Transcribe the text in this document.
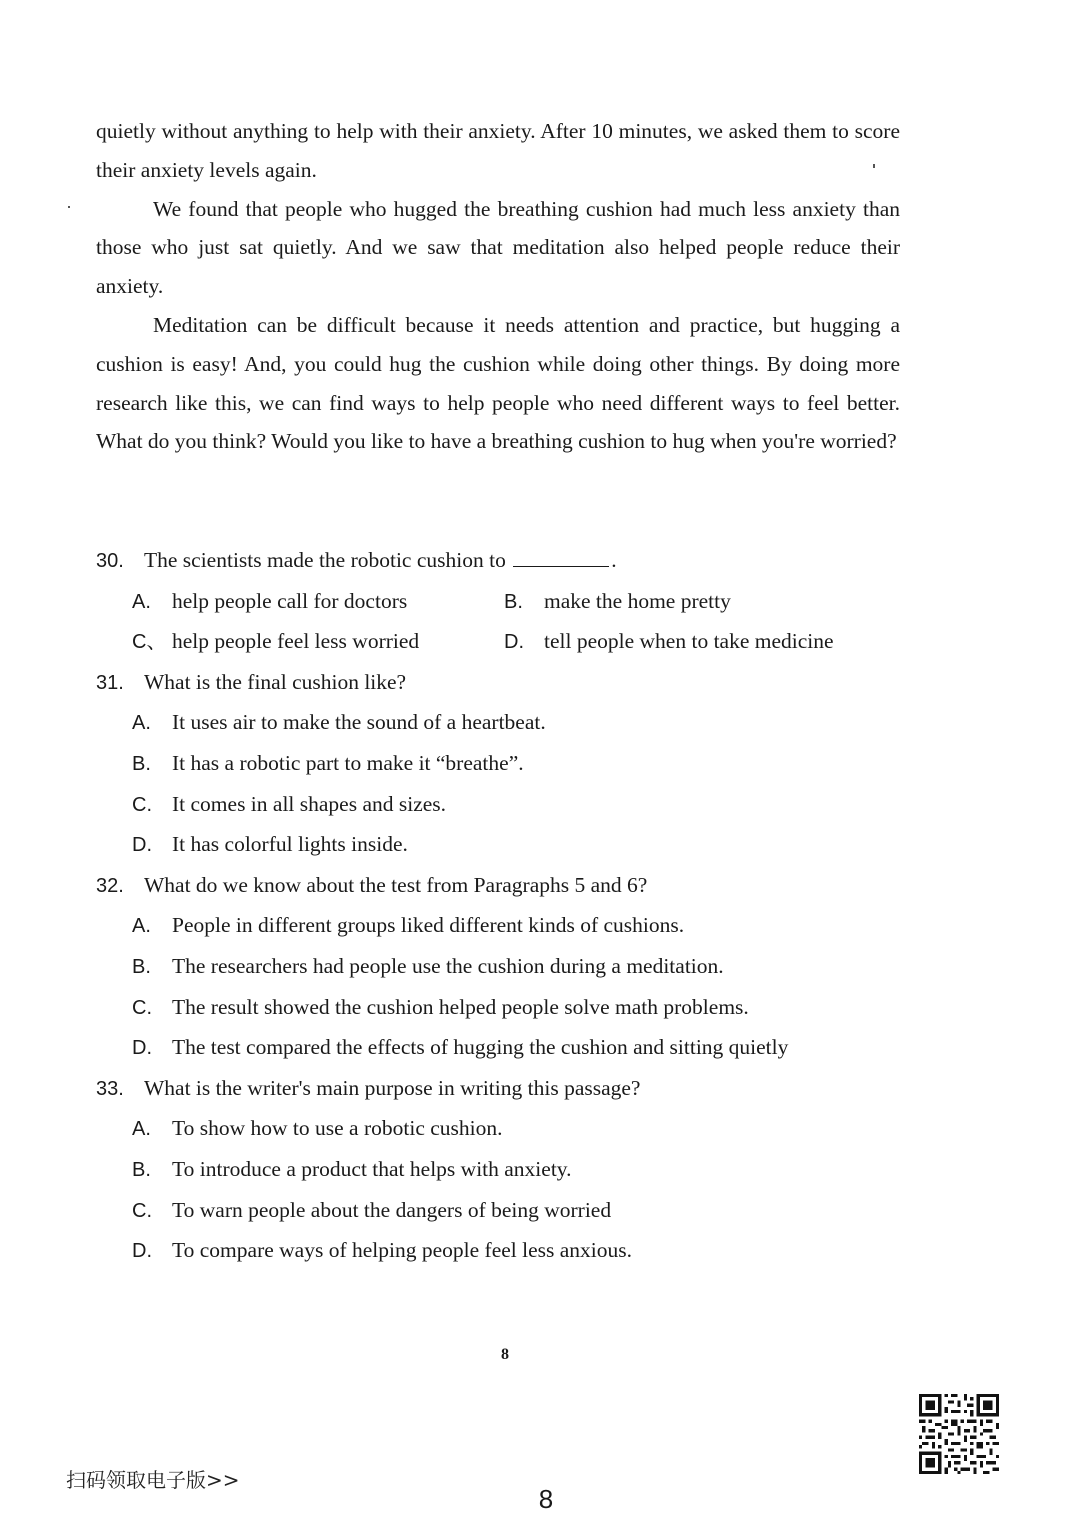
quietly without anything to help with their anxiety. After 10 minutes, we asked them to score their anxiety levels again.

We found that people who hugged the breathing cushion had much less anxiety than those who just sat quietly. And we saw that meditation also helped people reduce their anxiety.

Meditation can be difficult because it needs attention and practice, but hugging a cushion is easy! And, you could hug the cushion while doing other things. By doing more research like this, we can find ways to help people who need different ways to feel better. What do you think? Would you like to have a breathing cushion to hug when you're worried?

30. The scientists made the robotic cushion to	.
A. help people call for doctors	B. make the home pretty
C、 help people feel less worried	D. tell people when to take medicine
31. What is the final cushion like?
A. It uses air to make the sound of a heartbeat.
B. It has a robotic part to make it “breathe”.
C. It comes in all shapes and sizes.
D. It has colorful lights inside.
32. What do we know about the test from Paragraphs 5 and 6?
A. People in different groups liked different kinds of cushions.
B. The researchers had people use the cushion during a meditation.
C. The result showed the cushion helped people solve math problems.
D. The test compared the effects of hugging the cushion and sitting quietly
33. What is the writer's main purpose in writing this passage?
A. To show how to use a robotic cushion.
B. To introduce a product that helps with anxiety.
C. To warn people about the dangers of being worried
D. To compare ways of helping people feel less anxious.
8
扫码领取电子版>>
8
